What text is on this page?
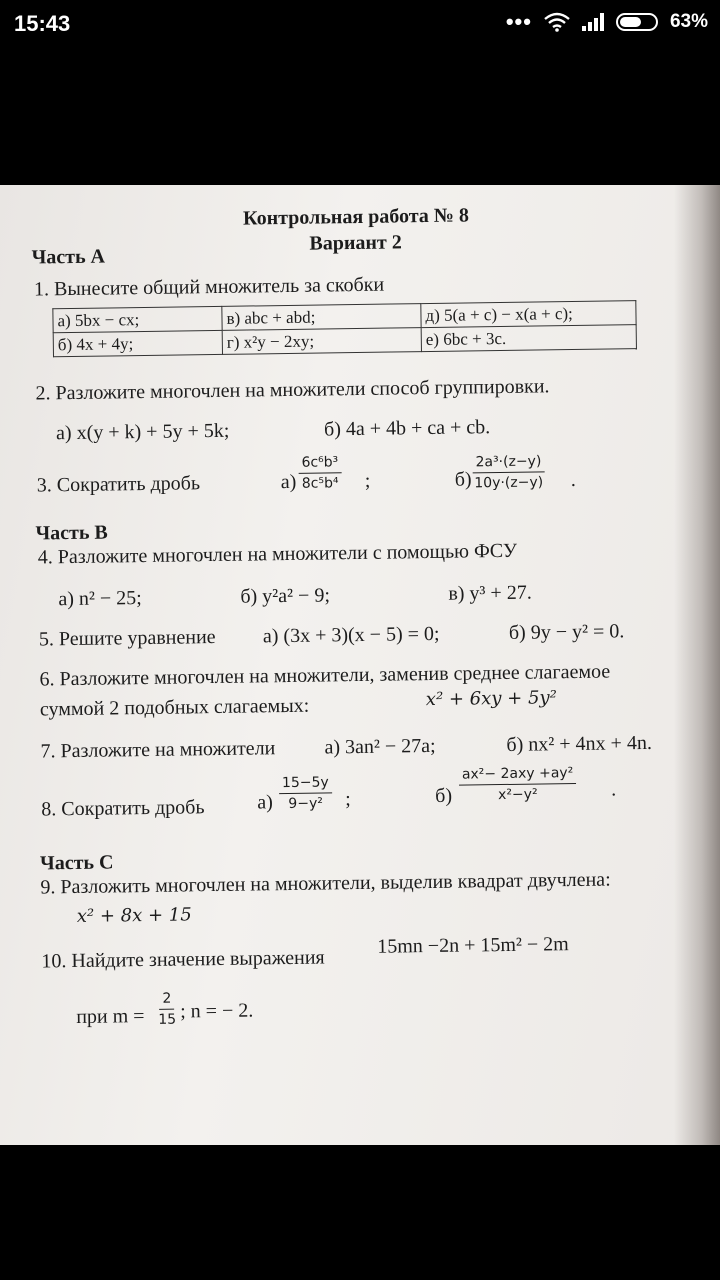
15:43	•••	63%
Контрольная работа № 8
Вариант 2
Часть А
1. Вынесите общий множитель за скобки
а) 5bx − cx;	в) abc + abd;	д) 5(a + c) − x(a + c);
б) 4x + 4y;	г) x²y − 2xy;	е) 6bc + 3c.
2. Разложите многочлен на множители способ группировки.
а) x(y + k) + 5y + 5k;	б) 4a + 4b + ca + cb.
3. Сократить дробь	$а) \frac{\text{6c⁶b³}}{\text{8c⁵b⁴}}$ ;	$б) \frac{\text{2a³·(z−y)}}{10y\cdot(z-y)}$ .
Часть В
4. Разложите многочлен на множители с помощью ФСУ
а) n² − 25;	б) y²a² − 9;	в) y³ + 27.
5. Решите уравнение а) (3x + 3)(x − 5) = 0;	б) 9y − y² = 0.
6. Разложите многочлен на множители, заменив среднее слагаемое
суммой 2 подобных слагаемых:	x² + 6xy + 5y²
7. Разложите на множители а) 3an² − 27a;	б) nx² + 4nx + 4n.
8. Сократить дробь	$а) \frac{15-5y}{\text{9−y²}}$ ;	б)
ax²− 2axy +ay²
x²−y²	.
Часть С
9. Разложить многочлен на множители, выделив квадрат двучлена:
x² + 8x + 15
10. Найдите значение выражения
15mn −2n + 15m² − 2m
при $m = \frac{2}{15}$ ; n = − 2.
